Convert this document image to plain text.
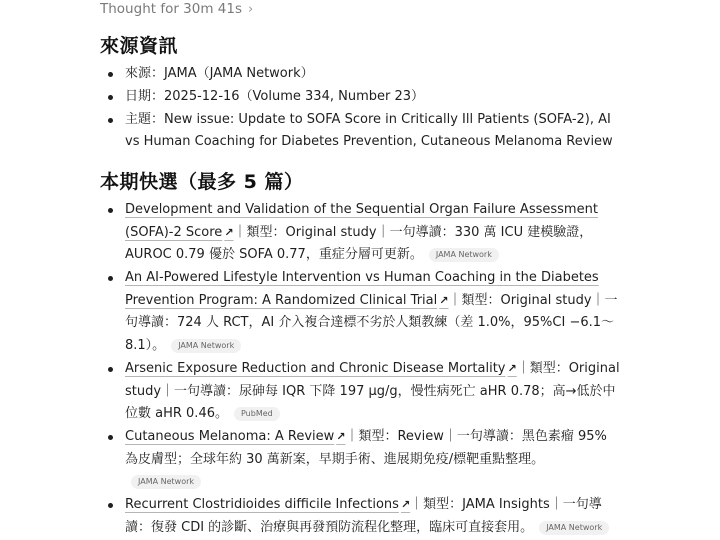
Thought for 30m 41s ›
來源資訊
來源：JAMA（JAMA Network）
日期：2025-12-16（Volume 334, Number 23）
主題：New issue: Update to SOFA Score in Critically Ill Patients (SOFA-2), AI vs Human Coaching for Diabetes Prevention, Cutaneous Melanoma Review
本期快選（最多 5 篇）
Development and Validation of the Sequential Organ Failure Assessment (SOFA)-2 Score ↗｜類型：Original study｜一句導讀：330 萬 ICU 建模驗證，AUROC 0.79 優於 SOFA 0.77，重症分層可更新。 JAMA Network
An AI-Powered Lifestyle Intervention vs Human Coaching in the Diabetes Prevention Program: A Randomized Clinical Trial ↗｜類型：Original study｜一句導讀：724 人 RCT，AI 介入複合達標不劣於人類教練（差 1.0%，95%CI −6.1～8.1）。 JAMA Network
Arsenic Exposure Reduction and Chronic Disease Mortality ↗｜類型：Original study｜一句導讀：尿砷每 IQR 下降 197 µg/g，慢性病死亡 aHR 0.78；高→低於中位數 aHR 0.46。 PubMed
Cutaneous Melanoma: A Review ↗｜類型：Review｜一句導讀：黑色素瘤 95% 為皮膚型；全球年約 30 萬新案，早期手術、進展期免疫/標靶重點整理。JAMA Network
Recurrent Clostridioides difficile Infections ↗｜類型：JAMA Insights｜一句導讀：復發 CDI 的診斷、治療與再發預防流程化整理，臨床可直接套用。 JAMA Network
